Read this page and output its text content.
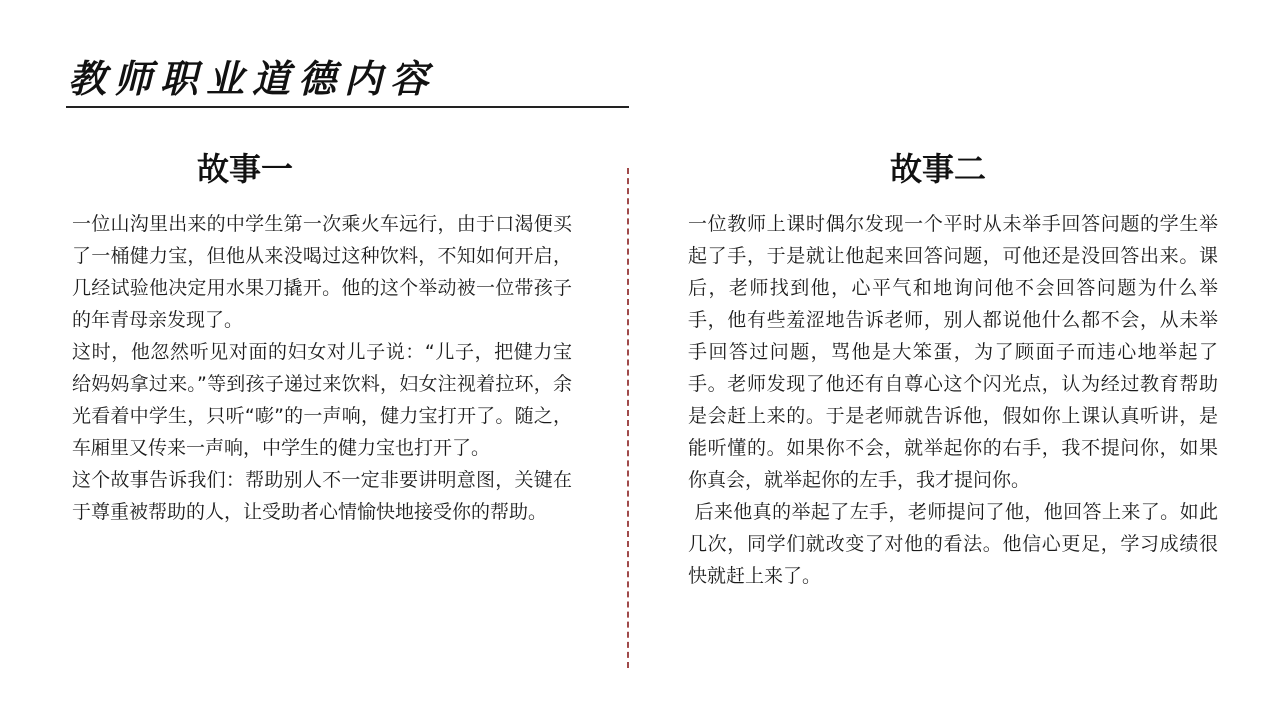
教师职业道德内容
故事一

一位山沟里出来的中学生第一次乘火车远行，由于口渴便买了一桶健力宝，但他从来没喝过这种饮料，不知如何开启，几经试验他决定用水果刀撬开。他的这个举动被一位带孩子的年青母亲发现了。

这时，他忽然听见对面的妇女对儿子说：“儿子，把健力宝给妈妈拿过来。”等到孩子递过来饮料，妇女注视着拉环，余光看着中学生，只听“嘭”的一声响，健力宝打开了。随之，车厢里又传来一声响，中学生的健力宝也打开了。

这个故事告诉我们：帮助别人不一定非要讲明意图，关键在于尊重被帮助的人，让受助者心情愉快地接受你的帮助。

故事二

一位教师上课时偶尔发现一个平时从未举手回答问题的学生举起了手，于是就让他起来回答问题，可他还是没回答出来。课后，老师找到他，心平气和地询问他不会回答问题为什么举手，他有些羞涩地告诉老师，别人都说他什么都不会，从未举手回答过问题，骂他是大笨蛋，为了顾面子而违心地举起了手。老师发现了他还有自尊心这个闪光点，认为经过教育帮助是会赶上来的。于是老师就告诉他，假如你上课认真听讲，是能听懂的。如果你不会，就举起你的右手，我不提问你，如果你真会，就举起你的左手，我才提问你。

后来他真的举起了左手，老师提问了他，他回答上来了。如此几次，同学们就改变了对他的看法。他信心更足，学习成绩很快就赶上来了。
